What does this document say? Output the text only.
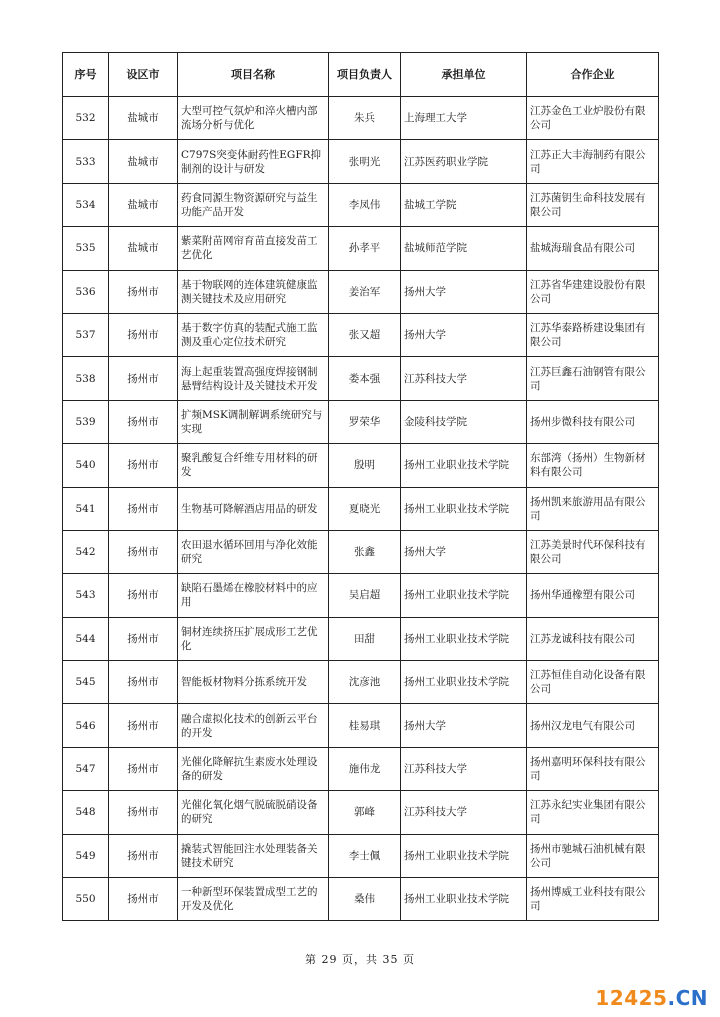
序号	设区市	项目名称	项目负责人	承担单位	合作企业
532	盐城市	大型可控气氛炉和淬火槽内部流场分析与优化	朱兵	上海理工大学	江苏金色工业炉股份有限公司
533	盐城市	C797S突变体耐药性EGFR抑制剂的设计与研发	张明光	江苏医药职业学院	江苏正大丰海制药有限公司
534	盐城市	药食同源生物资源研究与益生功能产品开发	李凤伟	盐城工学院	江苏菌钥生命科技发展有限公司
535	盐城市	紫菜附苗网帘育苗直接发苗工艺优化	孙孝平	盐城师范学院	盐城海瑞食品有限公司
536	扬州市	基于物联网的连体建筑健康监测关键技术及应用研究	姜治军	扬州大学	江苏省华建建设股份有限公司
537	扬州市	基于数字仿真的装配式施工监测及重心定位技术研究	张又超	扬州大学	江苏华泰路桥建设集团有限公司
538	扬州市	海上起重装置高强度焊接钢制悬臂结构设计及关键技术开发	娄本强	江苏科技大学	江苏巨鑫石油钢管有限公司
539	扬州市	扩频MSK调制解调系统研究与实现	罗荣华	金陵科技学院	扬州步微科技有限公司
540	扬州市	聚乳酸复合纤维专用材料的研发	殷明	扬州工业职业技术学院	东部湾（扬州）生物新材料有限公司
541	扬州市	生物基可降解酒店用品的研发	夏晓光	扬州工业职业技术学院	扬州凯来旅游用品有限公司
542	扬州市	农田退水循环回用与净化效能研究	张鑫	扬州大学	江苏美景时代环保科技有限公司
543	扬州市	缺陷石墨烯在橡胶材料中的应用	吴启超	扬州工业职业技术学院	扬州华通橡塑有限公司
544	扬州市	铜材连续挤压扩展成形工艺优化	田甜	扬州工业职业技术学院	江苏龙诚科技有限公司
545	扬州市	智能板材物料分拣系统开发	沈彦池	扬州工业职业技术学院	江苏恒佳自动化设备有限公司
546	扬州市	融合虚拟化技术的创新云平台的开发	桂易琪	扬州大学	扬州汉龙电气有限公司
547	扬州市	光催化降解抗生素废水处理设备的研发	施伟龙	江苏科技大学	扬州嘉明环保科技有限公司
548	扬州市	光催化氧化烟气脱硫脱硝设备的研究	郭峰	江苏科技大学	江苏永纪实业集团有限公司
549	扬州市	撬装式智能回注水处理装备关键技术研究	李士佩	扬州工业职业技术学院	扬州市驰城石油机械有限公司
550	扬州市	一种新型环保装置成型工艺的开发及优化	桑伟	扬州工业职业技术学院	扬州博威工业科技有限公司
第 29 页，共 35 页
12425.CN
